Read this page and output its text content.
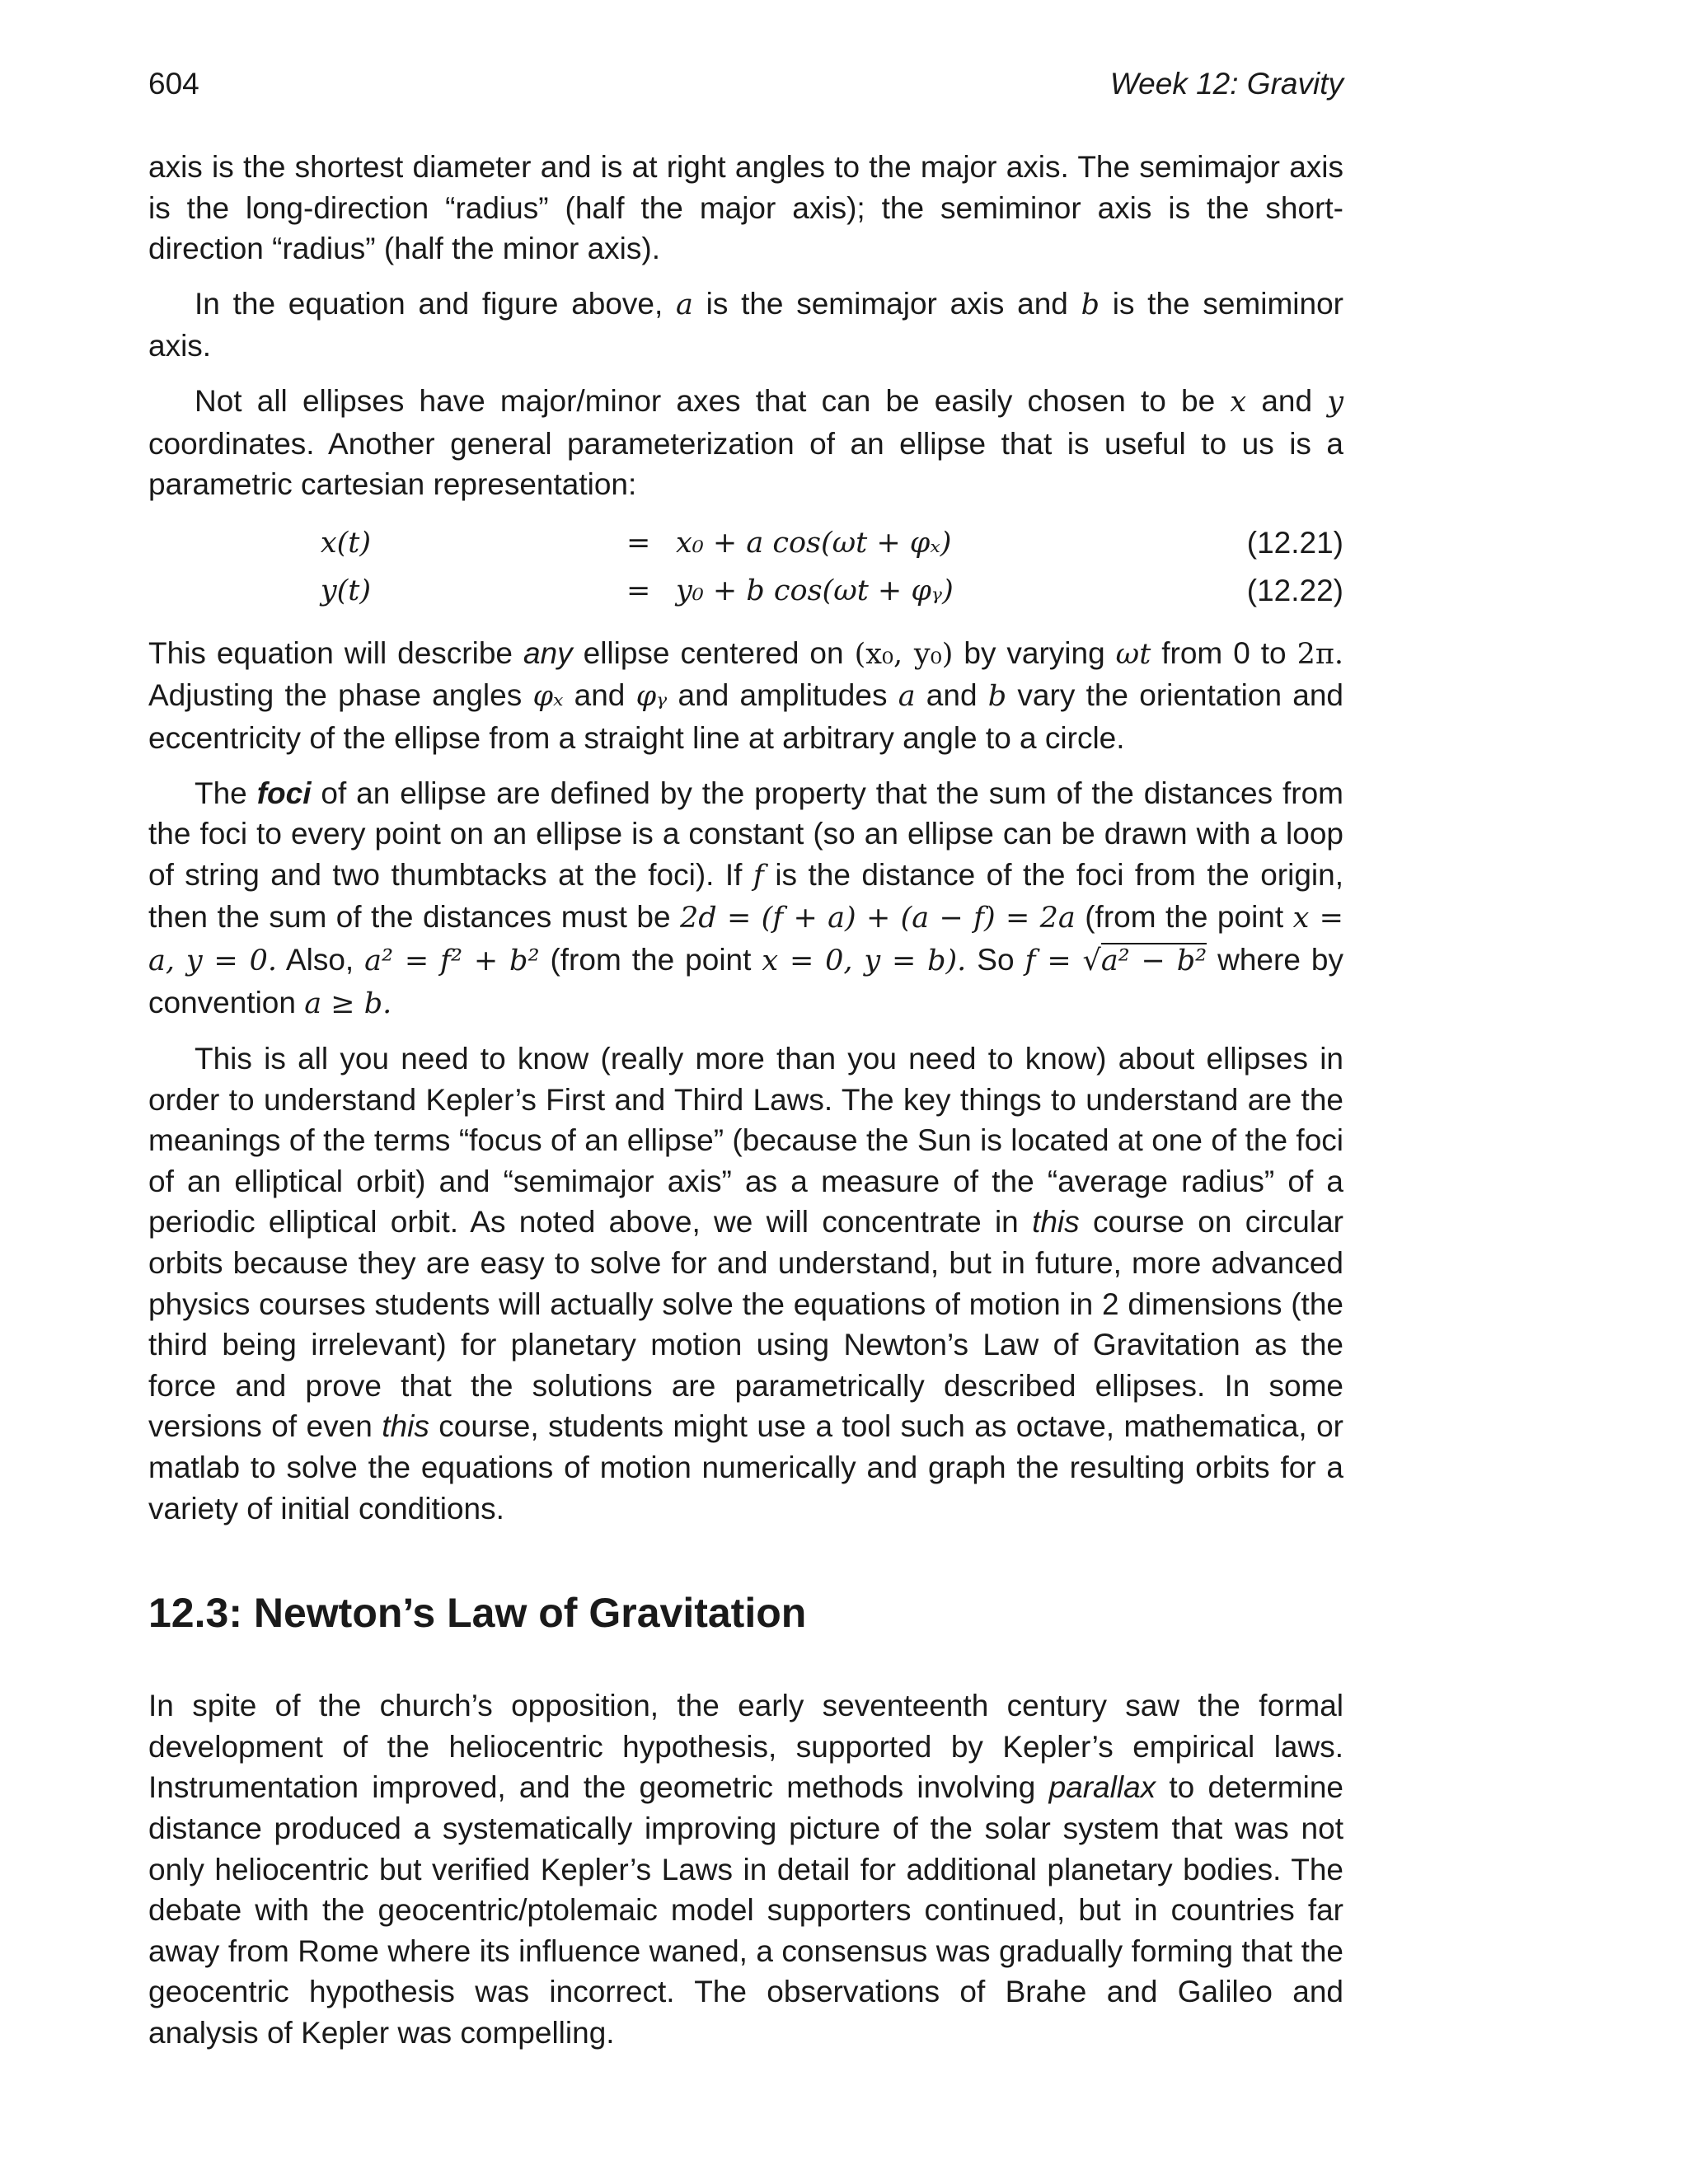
604	Week 12: Gravity

axis is the shortest diameter and is at right angles to the major axis. The semimajor axis is the long-direction “radius” (half the major axis); the semiminor axis is the short-direction “radius” (half the minor axis).

In the equation and figure above, a is the semimajor axis and b is the semiminor axis.

Not all ellipses have major/minor axes that can be easily chosen to be x and y coordinates. Another general parameterization of an ellipse that is useful to us is a parametric cartesian representation:

x(t)	= x₀ + a cos(ωt + φₓ)	(12.21)
y(t)	= y₀ + b cos(ωt + φᵧ)	(12.22)

This equation will describe any ellipse centered on (x₀, y₀) by varying ωt from 0 to 2π. Adjusting the phase angles φₓ and φᵧ and amplitudes a and b vary the orientation and eccentricity of the ellipse from a straight line at arbitrary angle to a circle.

The foci of an ellipse are defined by the property that the sum of the distances from the foci to every point on an ellipse is a constant (so an ellipse can be drawn with a loop of string and two thumbtacks at the foci). If f is the distance of the foci from the origin, then the sum of the distances must be 2d = (f + a) + (a − f) = 2a (from the point x = a, y = 0. Also, a² = f² + b² (from the point x = 0, y = b). So f = √a² − b² where by convention a ≥ b.

This is all you need to know (really more than you need to know) about ellipses in order to understand Kepler’s First and Third Laws. The key things to understand are the meanings of the terms “focus of an ellipse” (because the Sun is located at one of the foci of an elliptical orbit) and “semimajor axis” as a measure of the “average radius” of a periodic elliptical orbit. As noted above, we will concentrate in this course on circular orbits because they are easy to solve for and understand, but in future, more advanced physics courses students will actually solve the equations of motion in 2 dimensions (the third being irrelevant) for planetary motion using Newton’s Law of Gravitation as the force and prove that the solutions are parametrically described ellipses. In some versions of even this course, students might use a tool such as octave, mathematica, or matlab to solve the equations of motion numerically and graph the resulting orbits for a variety of initial conditions.

12.3: Newton’s Law of Gravitation

In spite of the church’s opposition, the early seventeenth century saw the formal development of the heliocentric hypothesis, supported by Kepler’s empirical laws. Instrumentation improved, and the geometric methods involving parallax to determine distance produced a systematically improving picture of the solar system that was not only heliocentric but verified Kepler’s Laws in detail for additional planetary bodies. The debate with the geocentric/ptolemaic model supporters continued, but in countries far away from Rome where its influence waned, a consensus was gradually forming that the geocentric hypothesis was incorrect. The observations of Brahe and Galileo and analysis of Kepler was compelling.
